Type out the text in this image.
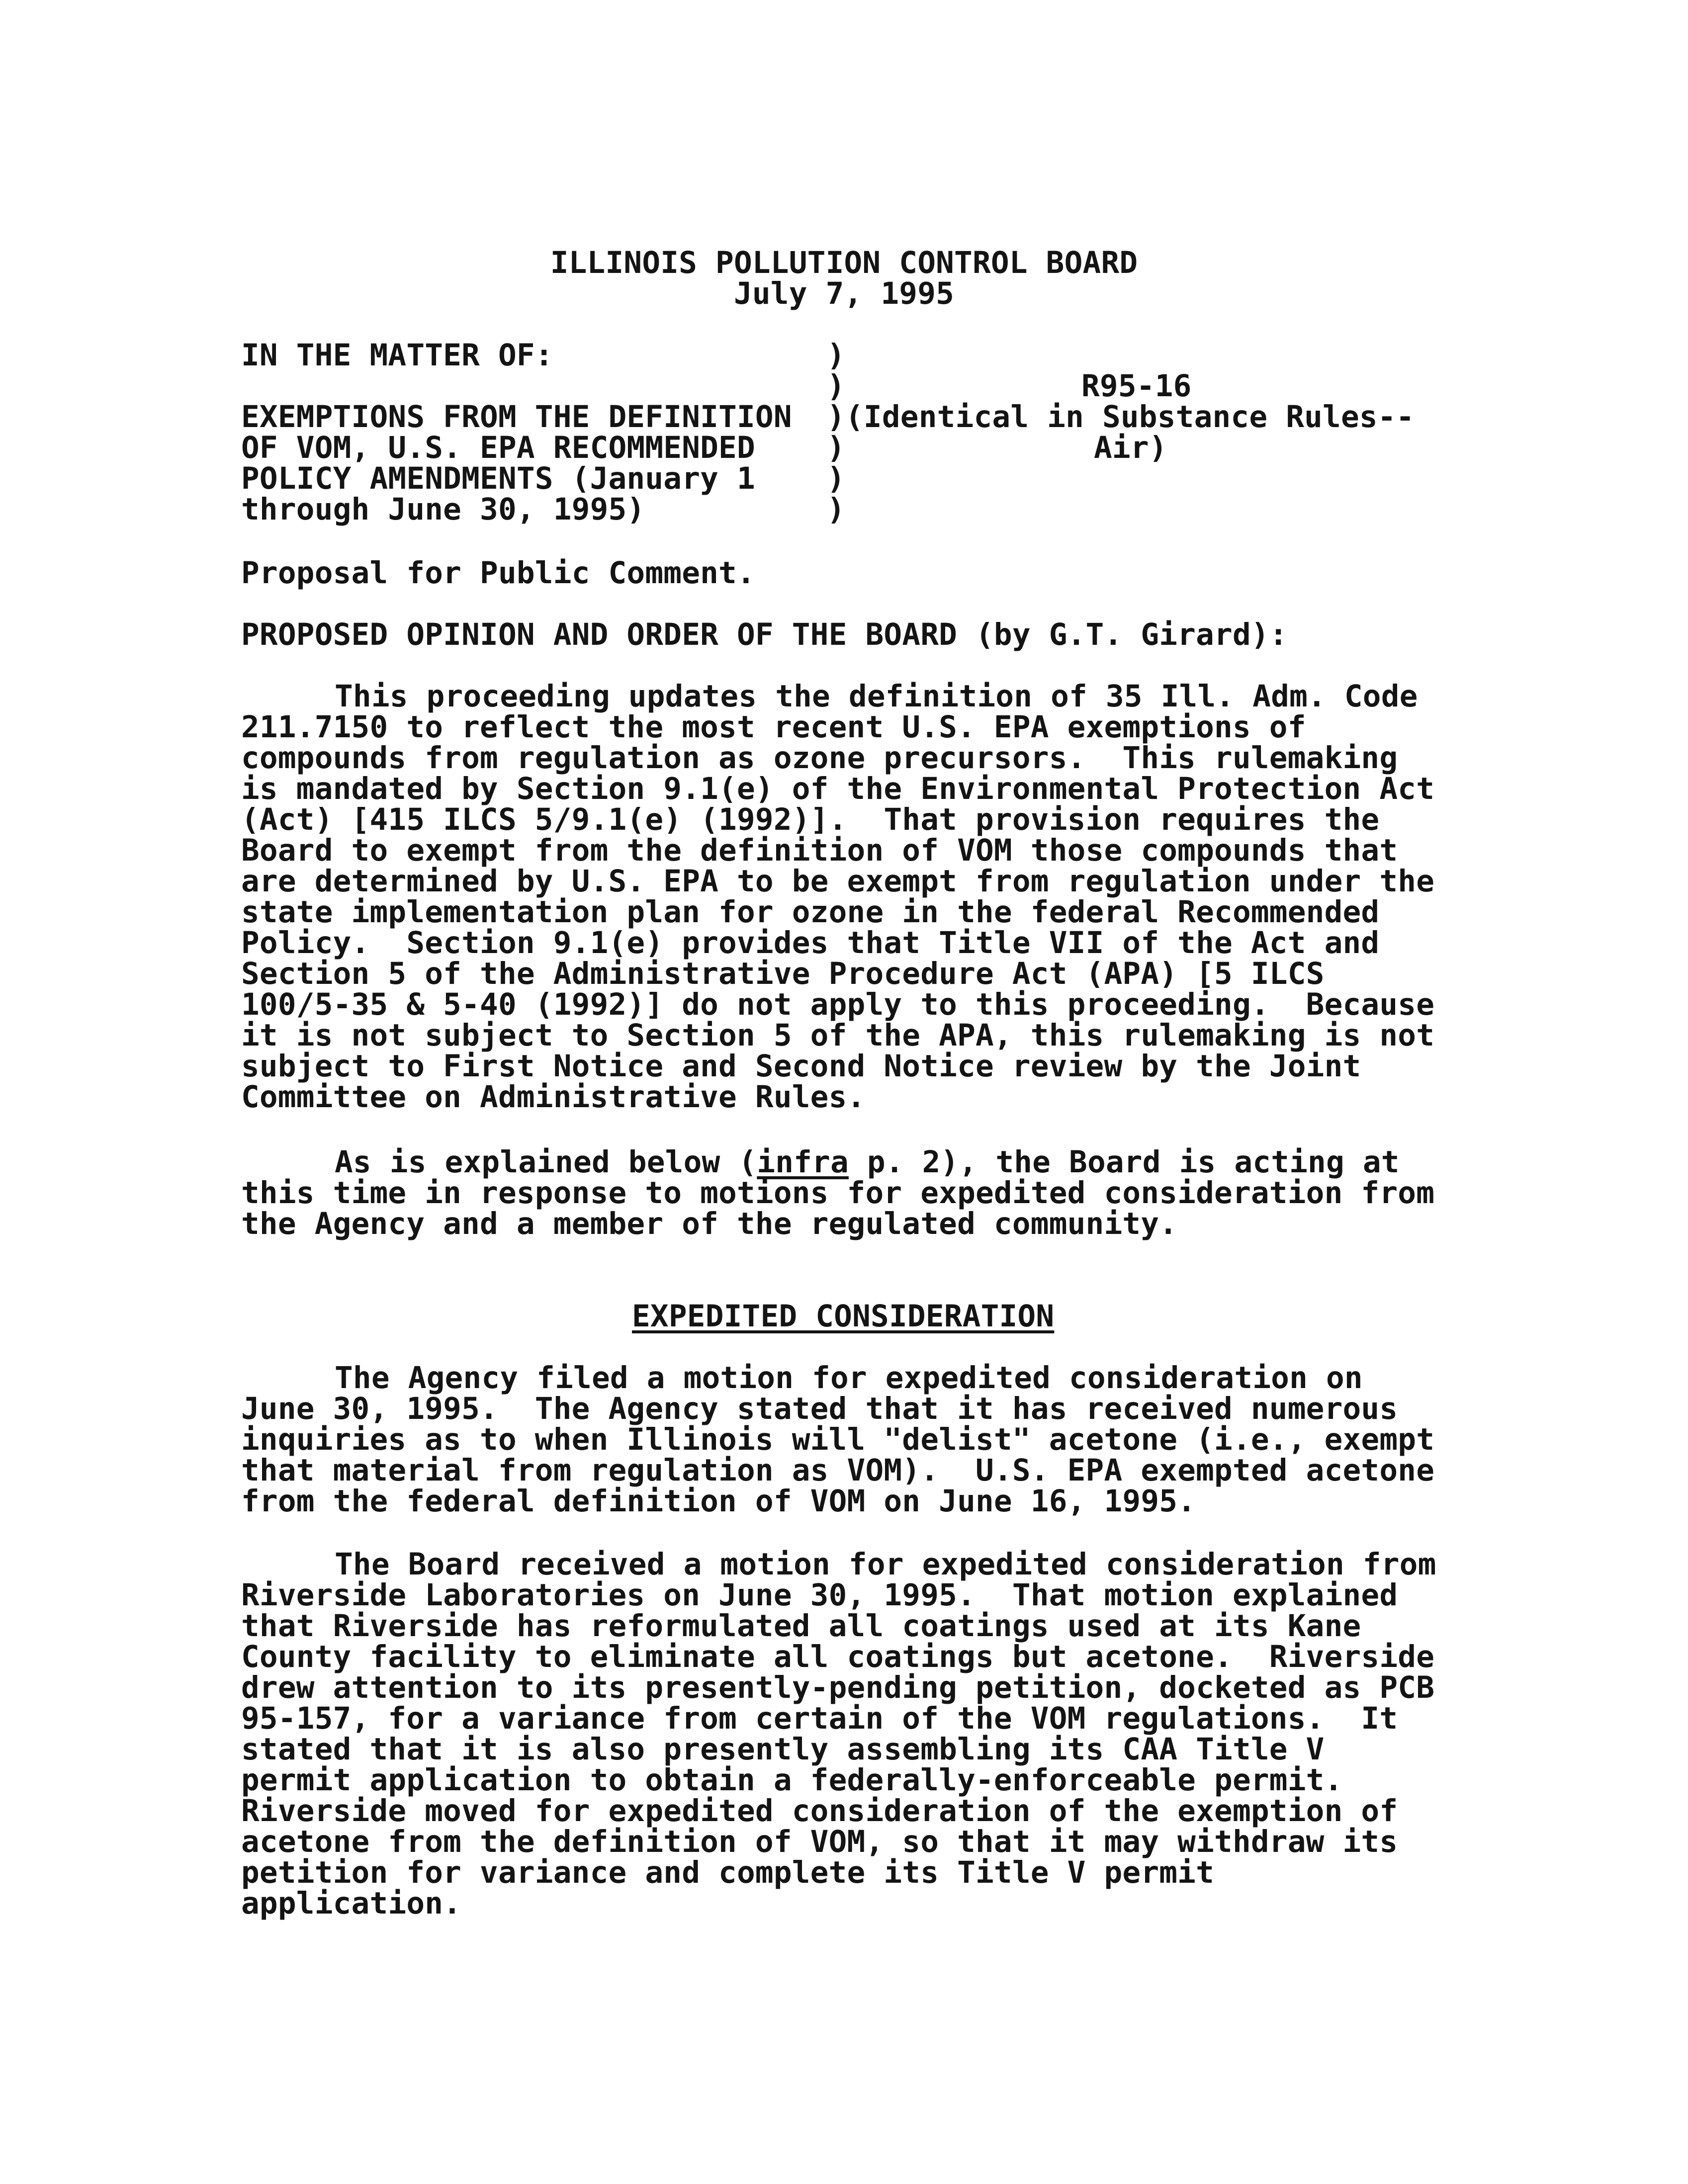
ILLINOIS POLLUTION CONTROL BOARD
July 7, 1995
IN THE MATTER OF:
EXEMPTIONS FROM THE DEFINITION
OF VOM, U.S. EPA RECOMMENDED
POLICY AMENDMENTS (January 1
through June 30, 1995)
)
)
)
)
)
)
R95-16
(Identical in Substance Rules--
Air)
Proposal for Public Comment.
PROPOSED OPINION AND ORDER OF THE BOARD (by G.T. Girard):
This proceeding updates the definition of 35 Ill. Adm. Code
211.7150 to reflect the most recent U.S. EPA exemptions of
compounds from regulation as ozone precursors.  This rulemaking
is mandated by Section 9.1(e) of the Environmental Protection Act
(Act) [415 ILCS 5/9.1(e) (1992)].  That provision requires the
Board to exempt from the definition of VOM those compounds that
are determined by U.S. EPA to be exempt from regulation under the
state implementation plan for ozone in the federal Recommended
Policy.  Section 9.1(e) provides that Title VII of the Act and
Section 5 of the Administrative Procedure Act (APA) [5 ILCS
100/5-35 & 5-40 (1992)] do not apply to this proceeding.  Because
it is not subject to Section 5 of the APA, this rulemaking is not
subject to First Notice and Second Notice review by the Joint
Committee on Administrative Rules.
As is explained below (infra p. 2), the Board is acting at
this time in response to motions for expedited consideration from
the Agency and a member of the regulated community.
EXPEDITED CONSIDERATION
The Agency filed a motion for expedited consideration on
June 30, 1995.  The Agency stated that it has received numerous
inquiries as to when Illinois will "delist" acetone (i.e., exempt
that material from regulation as VOM).  U.S. EPA exempted acetone
from the federal definition of VOM on June 16, 1995.
The Board received a motion for expedited consideration from
Riverside Laboratories on June 30, 1995.  That motion explained
that Riverside has reformulated all coatings used at its Kane
County facility to eliminate all coatings but acetone.  Riverside
drew attention to its presently-pending petition, docketed as PCB
95-157, for a variance from certain of the VOM regulations.  It
stated that it is also presently assembling its CAA Title V
permit application to obtain a federally-enforceable permit.
Riverside moved for expedited consideration of the exemption of
acetone from the definition of VOM, so that it may withdraw its
petition for variance and complete its Title V permit
application.
